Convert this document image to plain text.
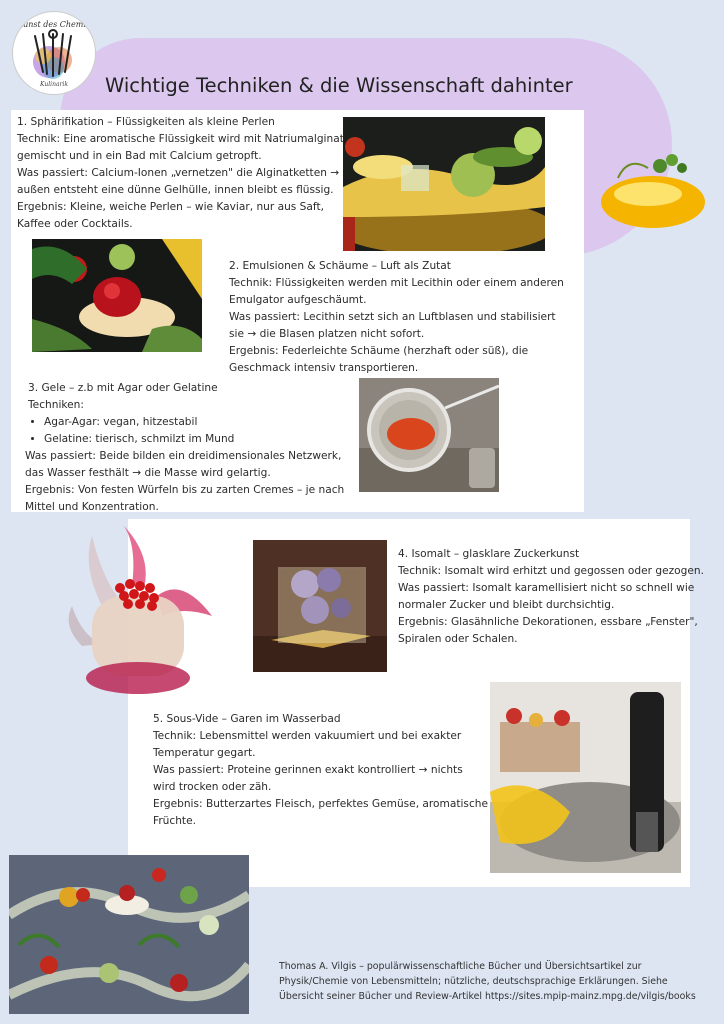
Kunst des Chemie
Kulinarik	Wichtige Techniken & die Wissenschaft dahinter
1. Sphärifikation – Flüssigkeiten als kleine Perlen
Technik: Eine aromatische Flüssigkeit wird mit Natriumalginat
gemischt und in ein Bad mit Calcium getropft.
Was passiert: Calcium-Ionen „vernetzen" die Alginatketten →
außen entsteht eine dünne Gelhülle, innen bleibt es flüssig.
Ergebnis: Kleine, weiche Perlen – wie Kaviar, nur aus Saft,
Kaffee oder Cocktails.
2. Emulsionen & Schäume – Luft als Zutat
Technik: Flüssigkeiten werden mit Lecithin oder einem anderen
Emulgator aufgeschäumt.
Was passiert: Lecithin setzt sich an Luftblasen und stabilisiert
sie → die Blasen platzen nicht sofort.
Ergebnis: Federleichte Schäume (herzhaft oder süß), die
Geschmack intensiv transportieren.
3. Gele – z.b mit Agar oder Gelatine
Techniken:
• Agar-Agar: vegan, hitzestabil
• Gelatine: tierisch, schmilzt im Mund
Was passiert: Beide bilden ein dreidimensionales Netzwerk,
das Wasser festhält → die Masse wird gelartig.
Ergebnis: Von festen Würfeln bis zu zarten Cremes – je nach
Mittel und Konzentration.
4. Isomalt – glasklare Zuckerkunst
Technik: Isomalt wird erhitzt und gegossen oder gezogen.
Was passiert: Isomalt karamellisiert nicht so schnell wie
normaler Zucker und bleibt durchsichtig.
Ergebnis: Glasähnliche Dekorationen, essbare „Fenster",
Spiralen oder Schalen.
5. Sous-Vide – Garen im Wasserbad
Technik: Lebensmittel werden vakuumiert und bei exakter
Temperatur gegart.
Was passiert: Proteine gerinnen exakt kontrolliert → nichts
wird trocken oder zäh.
Ergebnis: Butterzartes Fleisch, perfektes Gemüse, aromatische
Früchte.
Thomas A. Vilgis – populärwissenschaftliche Bücher und Übersichtsartikel zur
Physik/Chemie von Lebensmitteln; nützliche, deutschsprachige Erklärungen. Siehe
Übersicht seiner Bücher und Review-Artikel https://sites.mpip-mainz.mpg.de/vilgis/books
